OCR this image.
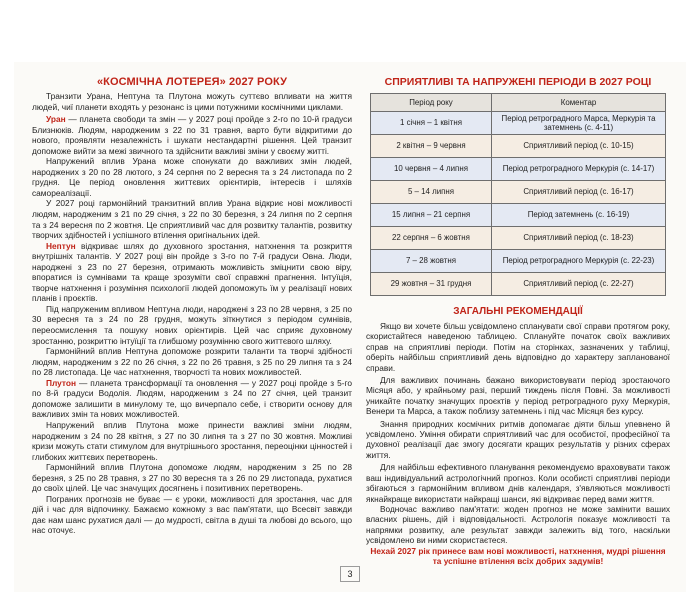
«КОСМІЧНА ЛОТЕРЕЯ» 2027 РОКУ

Транзити Урана, Нептуна та Плутона можуть суттєво впливати на життя людей, чиї планети входять у резонанс із цими потужними космічними циклами.

Уран — планета свободи та змін — у 2027 році пройде з 2-го по 10-й градуси Близнюків. Людям, народженим з 22 по 31 травня, варто бути відкритими до нового, проявляти незалежність і шукати нестандартні рішення. Цей транзит допоможе вийти за межі звичного та здійснити важливі зміни у своєму житті.

Напружений вплив Урана може спонукати до важливих змін людей, народжених з 20 по 28 лютого, з 24 серпня по 2 вересня та з 24 листопада по 2 грудня. Це період оновлення життєвих орієнтирів, інтересів і шляхів самореалізації.

У 2027 році гармонійний транзитний вплив Урана відкриє нові можливості людям, народженим з 21 по 29 січня, з 22 по 30 березня, з 24 липня по 2 серпня та з 24 вересня по 2 жовтня. Це сприятливий час для розвитку талантів, розвитку творчих здібностей і успішного втілення оригінальних ідей.

Нептун відкриває шлях до духовного зростання, натхнення та розкриття внутрішніх талантів. У 2027 році він пройде з 3-го по 7-й градуси Овна. Люди, народжені з 23 по 27 березня, отримають можливість зміцнити свою віру, впоратися із сумнівами та краще зрозуміти свої справжні прагнення. Інтуїція, творче натхнення і розуміння психології людей допоможуть їм у реалізації нових планів і проєктів.

Під напруженим впливом Нептуна люди, народжені з 23 по 28 червня, з 25 по 30 вересня та з 24 по 28 грудня, можуть зіткнутися з періодом сумнівів, переосмислення та пошуку нових орієнтирів. Цей час сприяє духовному зростанню, розкриттю інтуїції та глибшому розумінню свого життєвого шляху.

Гармонійний вплив Нептуна допоможе розкрити таланти та творчі здібності людям, народженим з 22 по 26 січня, з 22 по 26 травня, з 25 по 29 липня та з 24 по 28 листопада. Це час натхнення, творчості та нових можливостей.

Плутон — планета трансформації та оновлення — у 2027 році пройде з 5-го по 8-й градуси Водолія. Людям, народженим з 24 по 27 січня, цей транзит допоможе залишити в минулому те, що вичерпало себе, і створити основу для важливих змін та нових можливостей.

Напружений вплив Плутона може принести важливі зміни людям, народженим з 24 по 28 квітня, з 27 по 30 липня та з 27 по 30 жовтня. Можливі кризи можуть стати стимулом для внутрішнього зростання, переоцінки цінностей і глибоких життєвих перетворень.

Гармонійний вплив Плутона допоможе людям, народженим з 25 по 28 березня, з 25 по 28 травня, з 27 по 30 вересня та з 26 по 29 листопада, рухатися до своїх цілей. Це час значущих досягнень і позитивних перетворень.

Пограних прогнозів не буває — є уроки, можливості для зростання, час для дій і час для відпочинку. Бажаємо кожному з вас пам'ятати, що Всесвіт завжди дає нам шанс рухатися далі — до мудрості, світла в душі та любові до всього, що нас оточує.

СПРИЯТЛИВІ ТА НАПРУЖЕНІ ПЕРІОДИ В 2027 РОЦІ
Період року	Коментар
1 січня – 1 квітня	Період ретроградного Марса, Меркурія та затемнень (с. 4-11)
2 квітня – 9 червня	Сприятливий період (с. 10-15)
10 червня – 4 липня	Період ретроградного Меркурія (с. 14-17)
5 – 14 липня	Сприятливий період (с. 16-17)
15 липня – 21 серпня	Період затемнень (с. 16-19)
22 серпня – 6 жовтня	Сприятливий період (с. 18-23)
7 – 28 жовтня	Період ретроградного Меркурія (с. 22-23)
29 жовтня – 31 грудня	Сприятливий період (с. 22-27)
ЗАГАЛЬНІ РЕКОМЕНДАЦІЇ

Якщо ви хочете більш усвідомлено спланувати свої справи протягом року, скористайтеся наведеною таблицею. Сплануйте початок своїх важливих справ на сприятливі періоди. Потім на сторінках, зазначених у таблиці, оберіть найбільш сприятливий день відповідно до характеру запланованої справи.

Для важливих починань бажано використовувати період зростаючого Місяця або, у крайньому разі, перший тиждень після Повні. За можливості уникайте початку значущих проєктів у період ретроградного руху Меркурія, Венери та Марса, а також поблизу затемнень і під час Місяця без курсу.

Знання природних космічних ритмів допомагає діяти більш упевнено й усвідомлено. Уміння обирати сприятливий час для особистої, професійної та духовної реалізації дає змогу досягати кращих результатів у різних сферах життя.

Для найбільш ефективного планування рекомендуємо враховувати також ваш індивідуальний астрологічний прогноз. Коли особисті сприятливі періоди збігаються з гармонійним впливом днів календаря, з'являються можливості якнайкраще використати найкращі шанси, які відкриває перед вами життя.

Водночас важливо пам'ятати: жоден прогноз не може замінити ваших власних рішень, дій і відповідальності. Астрологія показує можливості та напрямки розвитку, але результат завжди залежить від того, наскільки усвідомлено ви ними скористаєтеся.

Нехай 2027 рік принесе вам нові можливості, натхнення, мудрі рішення та успішне втілення всіх добрих задумів!

3
